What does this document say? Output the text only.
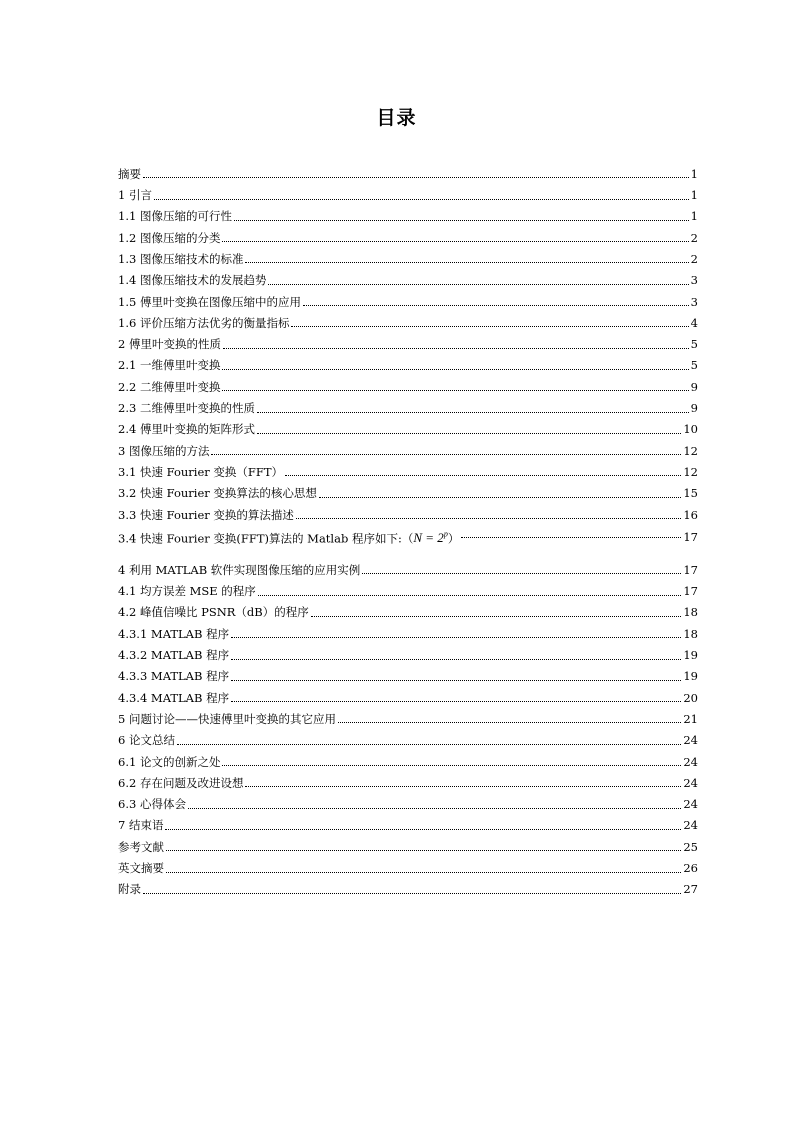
目录
摘要	1
1 引言	1
1.1 图像压缩的可行性	1
1.2 图像压缩的分类	2
1.3 图像压缩技术的标准	2
1.4 图像压缩技术的发展趋势	3
1.5 傅里叶变换在图像压缩中的应用	3
1.6 评价压缩方法优劣的衡量指标	4
2 傅里叶变换的性质	5
2.1 一维傅里叶变换	5
2.2 二维傅里叶变换	9
2.3 二维傅里叶变换的性质	9
2.4 傅里叶变换的矩阵形式	10
3 图像压缩的方法	12
3.1 快速 Fourier 变换（FFT）	12
3.2 快速 Fourier 变换算法的核心思想	15
3.3 快速 Fourier 变换的算法描述	16
3.4 快速 Fourier 变换(FFT)算法的 Matlab 程序如下:（N = $2^p$）	17
4 利用 MATLAB 软件实现图像压缩的应用实例	17
4.1 均方误差 MSE 的程序	17
4.2 峰值信噪比 PSNR（dB）的程序	18
4.3.1 MATLAB 程序	18
4.3.2 MATLAB 程序	19
4.3.3 MATLAB 程序	19
4.3.4 MATLAB 程序	20
5 问题讨论——快速傅里叶变换的其它应用	21
6 论文总结	24
6.1 论文的创新之处	24
6.2 存在问题及改进设想	24
6.3 心得体会	24
7 结束语	24
参考文献	25
英文摘要	26
附录	27
